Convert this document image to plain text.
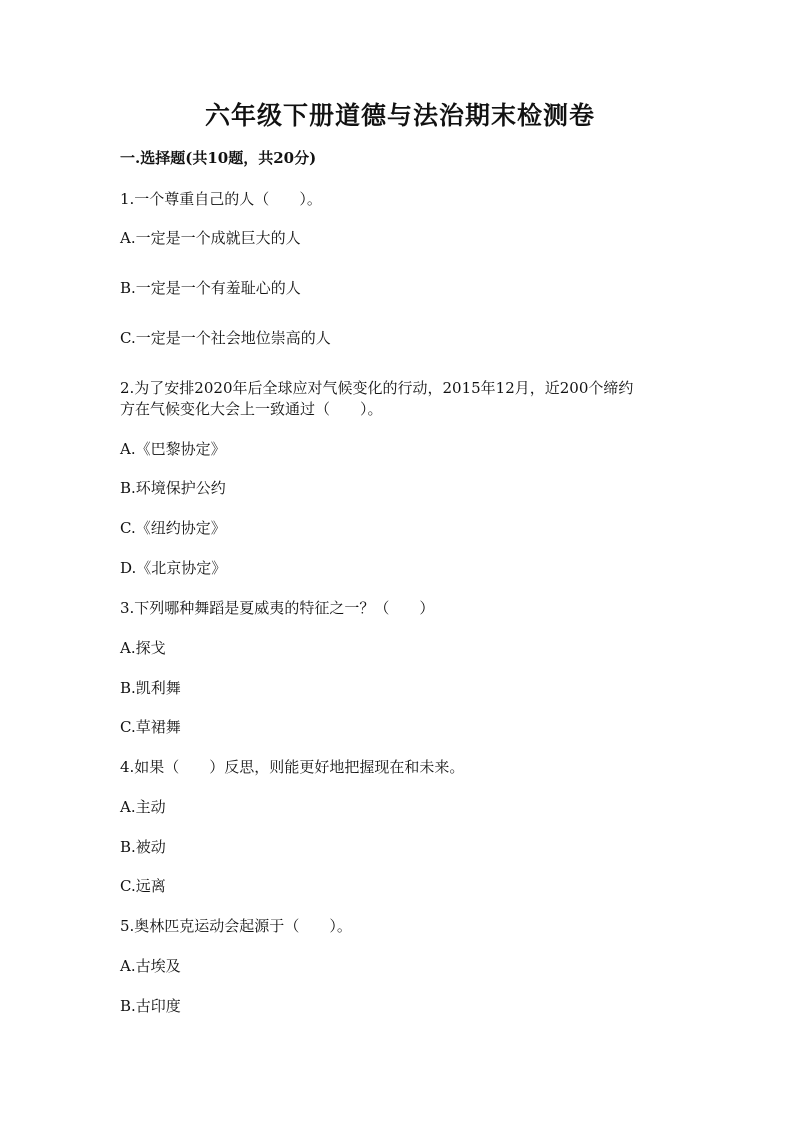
六年级下册道德与法治期末检测卷

一.选择题(共10题，共20分)

1.一个尊重自己的人（　　）。

A.一定是一个成就巨大的人

B.一定是一个有羞耻心的人

C.一定是一个社会地位崇高的人

2.为了安排2020年后全球应对气候变化的行动，2015年12月，近200个缔约

方在气候变化大会上一致通过（　　）。

A.《巴黎协定》

B.环境保护公约

C.《纽约协定》

D.《北京协定》

3.下列哪种舞蹈是夏威夷的特征之一？（　　）

A.探戈

B.凯利舞

C.草裙舞

4.如果（　　）反思，则能更好地把握现在和未来。

A.主动

B.被动

C.远离

5.奥林匹克运动会起源于（　　）。

A.古埃及

B.古印度
